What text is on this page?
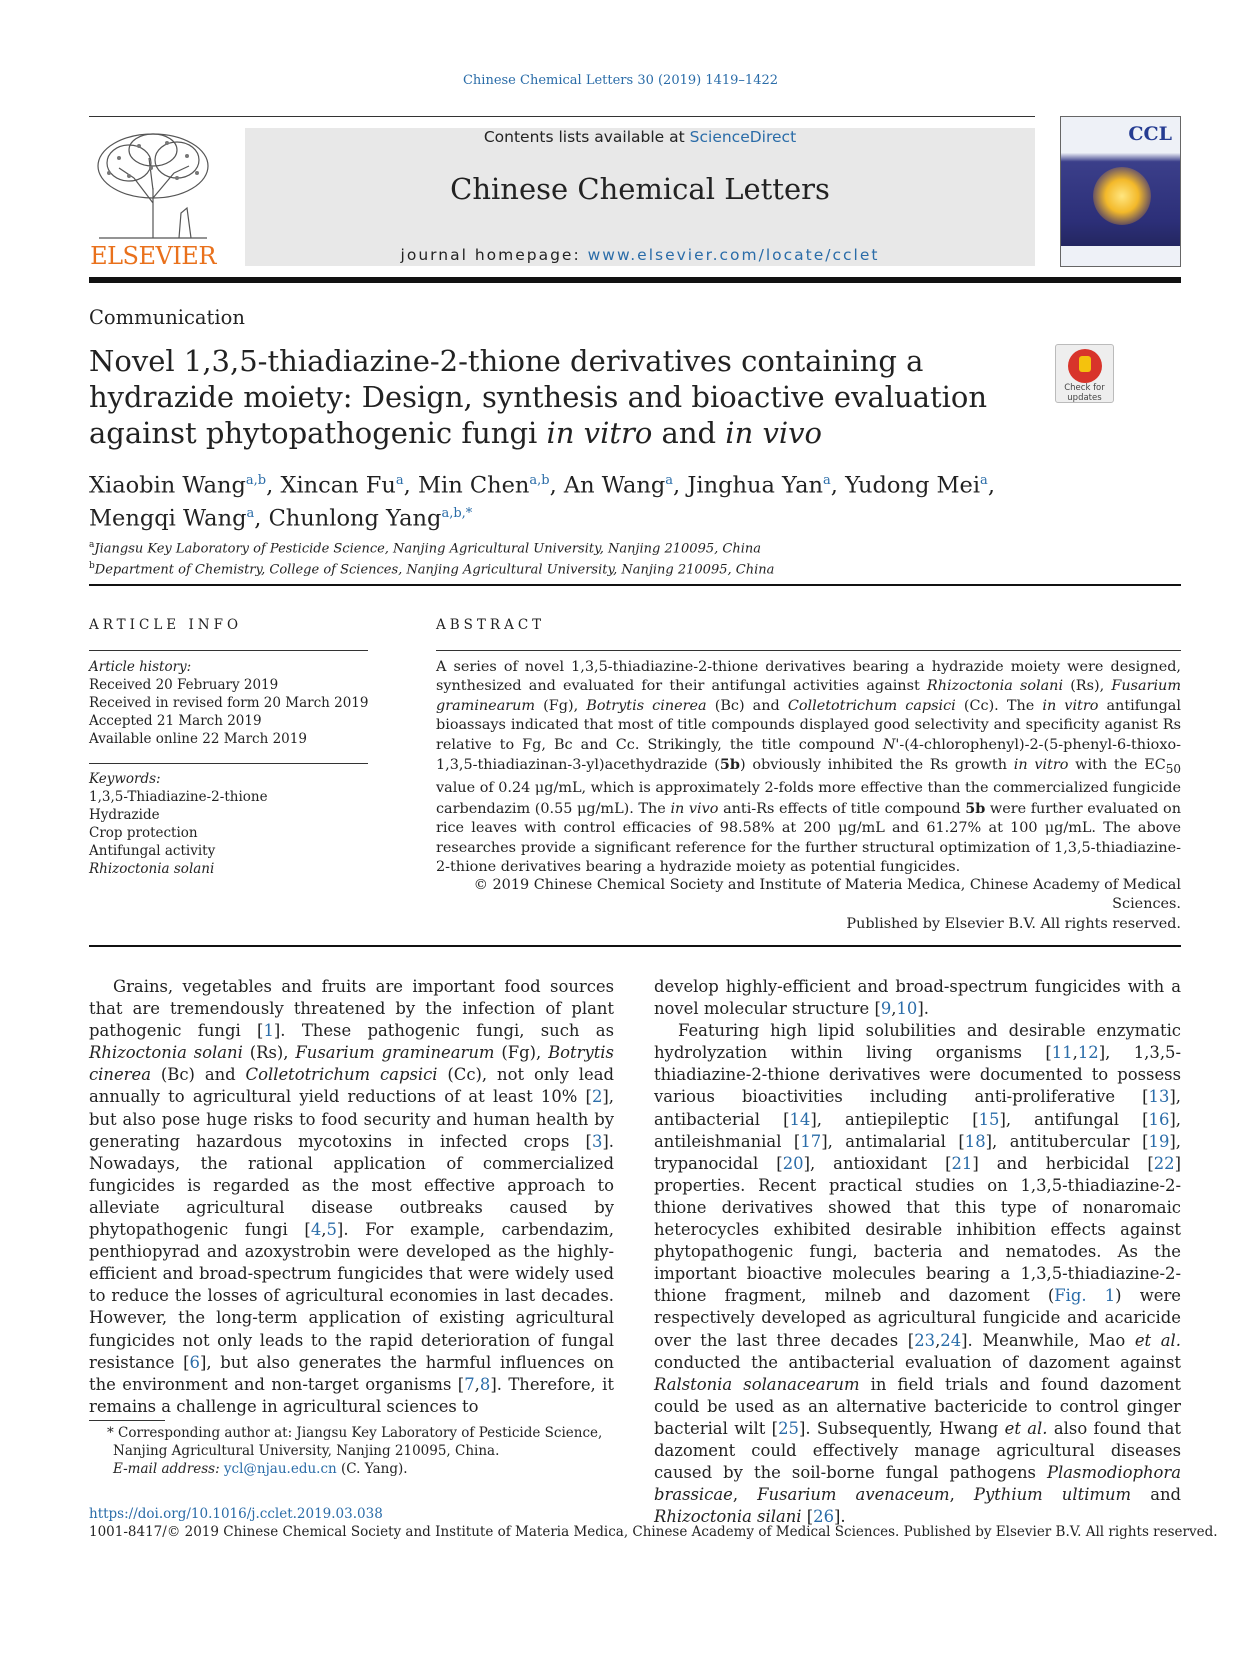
Chinese Chemical Letters 30 (2019) 1419–1422
ELSEVIER
Contents lists available at ScienceDirect
Chinese Chemical Letters
journal homepage: www.elsevier.com/locate/cclet
CCL
Communication
Novel 1,3,5-thiadiazine-2-thione derivatives containing a hydrazide moiety: Design, synthesis and bioactive evaluation against phytopathogenic fungi in vitro and in vivo
Check for updates
Xiaobin Wang$^{a,b}$, Xincan Fu$^a$, Min Chen$^{a,b}$, An Wang$^a$, Jinghua Yan$^a$, Yudong Mei$^a$,
Mengqi Wang$^a$, Chunlong Yang$^{a,b,*}$
$^a$Jiangsu Key Laboratory of Pesticide Science, Nanjing Agricultural University, Nanjing 210095, China
$^b$Department of Chemistry, College of Sciences, Nanjing Agricultural University, Nanjing 210095, China
ARTICLE INFO
Article history:
Received 20 February 2019
Received in revised form 20 March 2019
Accepted 21 March 2019
Available online 22 March 2019
Keywords:
1,3,5-Thiadiazine-2-thione
Hydrazide
Crop protection
Antifungal activity
Rhizoctonia solani
ABSTRACT
A series of novel 1,3,5-thiadiazine-2-thione derivatives bearing a hydrazide moiety were designed, synthesized and evaluated for their antifungal activities against Rhizoctonia solani (Rs), Fusarium graminearum (Fg), Botrytis cinerea (Bc) and Colletotrichum capsici (Cc). The in vitro antifungal bioassays indicated that most of title compounds displayed good selectivity and specificity aganist Rs relative to Fg, Bc and Cc. Strikingly, the title compound N'-(4-chlorophenyl)-2-(5-phenyl-6-thioxo-1,3,5-thiadiazinan-3-yl)acethydrazide (5b) obviously inhibited the Rs growth in vitro with the $EC_{50}$ value of 0.24 μg/mL, which is approximately 2-folds more effective than the commercialized fungicide carbendazim (0.55 μg/mL). The in vivo anti-Rs effects of title compound 5b were further evaluated on rice leaves with control efficacies of 98.58% at 200 μg/mL and 61.27% at 100 μg/mL. The above researches provide a significant reference for the further structural optimization of 1,3,5-thiadiazine-2-thione derivatives bearing a hydrazide moiety as potential fungicides.
© 2019 Chinese Chemical Society and Institute of Materia Medica, Chinese Academy of Medical Sciences.
Published by Elsevier B.V. All rights reserved.

Grains, vegetables and fruits are important food sources that are tremendously threatened by the infection of plant pathogenic fungi [1]. These pathogenic fungi, such as Rhizoctonia solani (Rs), Fusarium graminearum (Fg), Botrytis cinerea (Bc) and Colletotrichum capsici (Cc), not only lead annually to agricultural yield reductions of at least 10% [2], but also pose huge risks to food security and human health by generating hazardous mycotoxins in infected crops [3]. Nowadays, the rational application of commercialized fungicides is regarded as the most effective approach to alleviate agricultural disease outbreaks caused by phytopathogenic fungi [4,5]. For example, carbendazim, penthiopyrad and azoxystrobin were developed as the highly-efficient and broad-spectrum fungicides that were widely used to reduce the losses of agricultural economies in last decades. However, the long-term application of existing agricultural fungicides not only leads to the rapid deterioration of fungal resistance [6], but also generates the harmful influences on the environment and non-target organisms [7,8]. Therefore, it remains a challenge in agricultural sciences to

develop highly-efficient and broad-spectrum fungicides with a novel molecular structure [9,10].

Featuring high lipid solubilities and desirable enzymatic hydrolyzation within living organisms [11,12], 1,3,5-thiadiazine-2-thione derivatives were documented to possess various bioactivities including anti-proliferative [13], antibacterial [14], antiepileptic [15], antifungal [16], antileishmanial [17], antimalarial [18], antitubercular [19], trypanocidal [20], antioxidant [21] and herbicidal [22] properties. Recent practical studies on 1,3,5-thiadiazine-2-thione derivatives showed that this type of nonaromaic heterocycles exhibited desirable inhibition effects against phytopathogenic fungi, bacteria and nematodes. As the important bioactive molecules bearing a 1,3,5-thiadiazine-2-thione fragment, milneb and dazoment (Fig. 1) were respectively developed as agricultural fungicide and acaricide over the last three decades [23,24]. Meanwhile, Mao et al. conducted the antibacterial evaluation of dazoment against Ralstonia solanacearum in field trials and found dazoment could be used as an alternative bactericide to control ginger bacterial wilt [25]. Subsequently, Hwang et al. also found that dazoment could effectively manage agricultural diseases caused by the soil-borne fungal pathogens Plasmodiophora brassicae, Fusarium avenaceum, Pythium ultimum and Rhizoctonia silani [26].

* Corresponding author at: Jiangsu Key Laboratory of Pesticide Science, Nanjing Agricultural University, Nanjing 210095, China.
E-mail address: ycl@njau.edu.cn (C. Yang).
https://doi.org/10.1016/j.cclet.2019.03.038
1001-8417/© 2019 Chinese Chemical Society and Institute of Materia Medica, Chinese Academy of Medical Sciences. Published by Elsevier B.V. All rights reserved.
